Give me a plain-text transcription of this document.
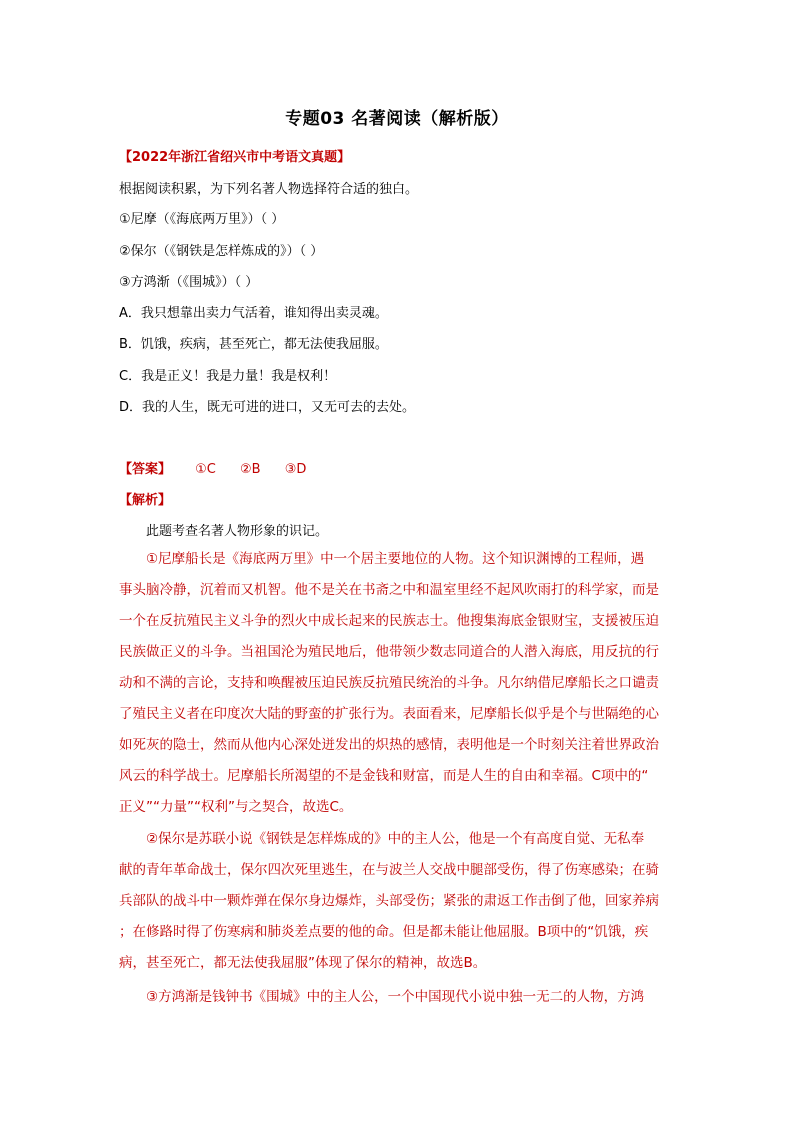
专题03 名著阅读（解析版）
【2022年浙江省绍兴市中考语文真题】
根据阅读积累，为下列名著人物选择符合适的独白。
①尼摩（《海底两万里》）（ ）
②保尔（《钢铁是怎样炼成的》）（ ）
③方鸿渐（《围城》）（ ）
A．我只想靠出卖力气活着，谁知得出卖灵魂。
B．饥饿，疾病，甚至死亡，都无法使我屈服。
C．我是正义！我是力量！我是权利！
D．我的人生，既无可进的进口，又无可去的去处。
【答案】 ①C ②B ③D
【解析】
此题考查名著人物形象的识记。
①尼摩船长是《海底两万里》中一个居主要地位的人物。这个知识渊博的工程师，遇
事头脑冷静，沉着而又机智。他不是关在书斋之中和温室里经不起风吹雨打的科学家，而是
一个在反抗殖民主义斗争的烈火中成长起来的民族志士。他搜集海底金银财宝，支援被压迫
民族做正义的斗争。当祖国沦为殖民地后，他带领少数志同道合的人潜入海底，用反抗的行
动和不满的言论，支持和唤醒被压迫民族反抗殖民统治的斗争。凡尔纳借尼摩船长之口谴责
了殖民主义者在印度次大陆的野蛮的扩张行为。表面看来，尼摩船长似乎是个与世隔绝的心
如死灰的隐士，然而从他内心深处迸发出的炽热的感情，表明他是一个时刻关注着世界政治
风云的科学战士。尼摩船长所渴望的不是金钱和财富，而是人生的自由和幸福。C项中的“
正义”“力量”“权利”与之契合，故选C。
②保尔是苏联小说《钢铁是怎样炼成的》中的主人公，他是一个有高度自觉、无私奉
献的青年革命战士，保尔四次死里逃生，在与波兰人交战中腿部受伤，得了伤寒感染；在骑
兵部队的战斗中一颗炸弹在保尔身边爆炸，头部受伤；紧张的肃返工作击倒了他，回家养病
；在修路时得了伤寒病和肺炎差点要的他的命。但是都未能让他屈服。B项中的“饥饿，疾
病，甚至死亡，都无法使我屈服”体现了保尔的精神，故选B。
③方鸿渐是钱钟书《围城》中的主人公，一个中国现代小说中独一无二的人物，方鸿
